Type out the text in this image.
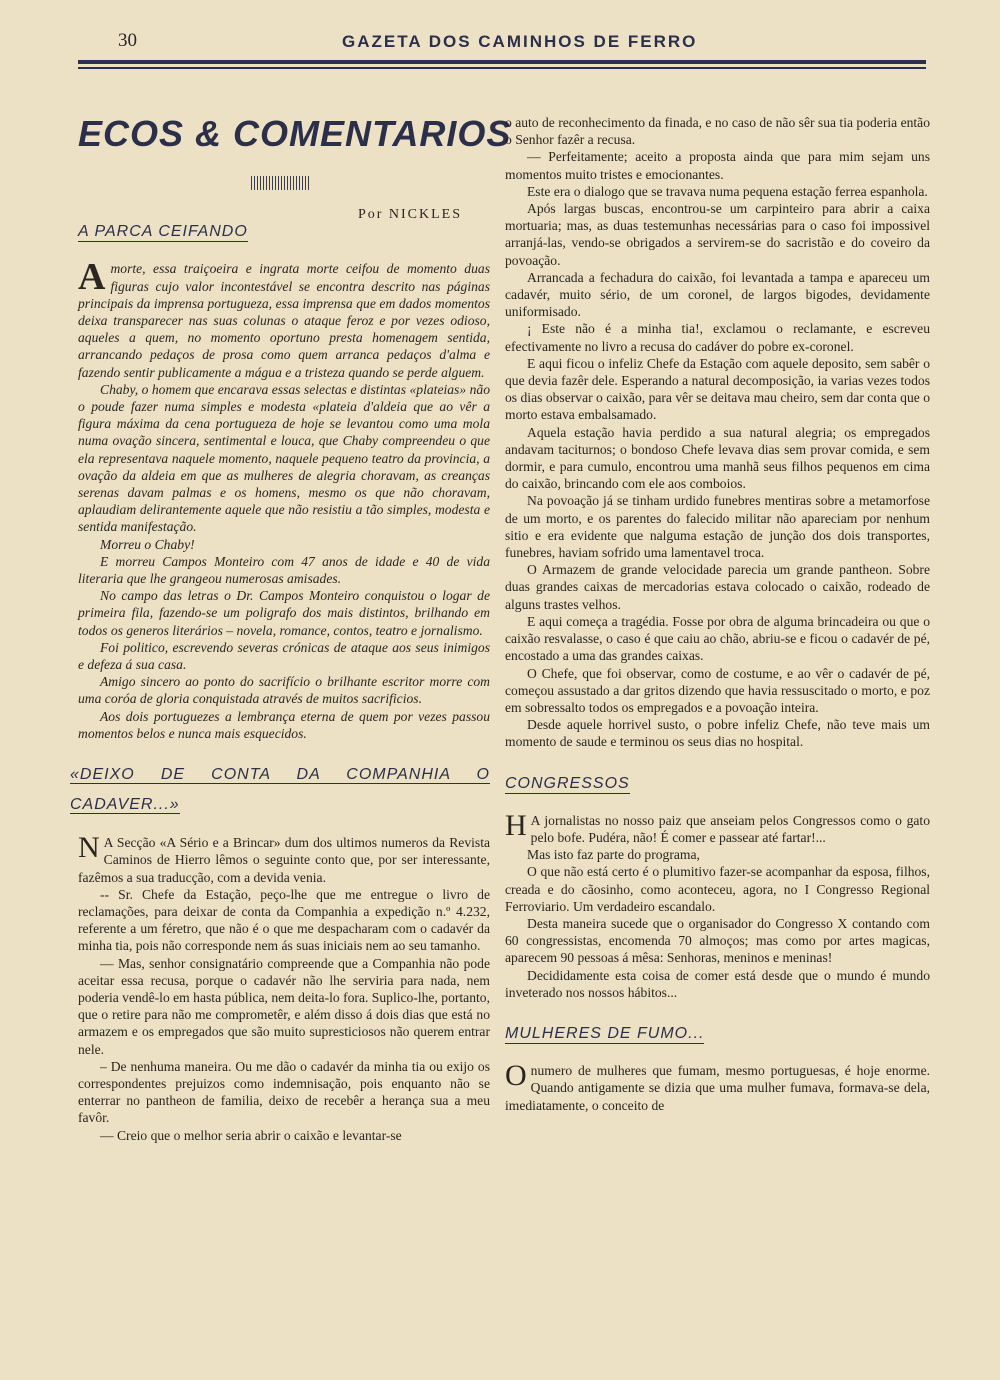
30	GAZETA DOS CAMINHOS DE FERRO
ECOS & COMENTARIOS
Por NICKLES
A PARCA CEIFANDO

Amorte, essa traiçoeira e ingrata morte ceifou de momento duas figuras cujo valor incontestável se encontra descrito nas páginas principais da imprensa portugueza, essa imprensa que em dados momentos deixa transparecer nas suas colunas o ataque feroz e por vezes odioso, aqueles a quem, no momento oportuno presta homenagem sentida, arrancando pedaços de prosa como quem arranca pedaços d'alma e fazendo sentir publicamente a mágua e a tristeza quando se perde alguem.

Chaby, o homem que encarava essas selectas e distintas «plateias» não o poude fazer numa simples e modesta «plateia d'aldeia que ao vêr a figura máxima da cena portugueza de hoje se levantou como uma mola numa ovação sincera, sentimental e louca, que Chaby compreendeu o que ela representava naquele momento, naquele pequeno teatro da provincia, a ovação da aldeia em que as mulheres de alegria choravam, as creanças serenas davam palmas e os homens, mesmo os que não choravam, aplaudiam delirantemente aquele que não resistiu a tão simples, modesta e sentida manifestação.

Morreu o Chaby!

E morreu Campos Monteiro com 47 anos de idade e 40 de vida literaria que lhe grangeou numerosas amisades.

No campo das letras o Dr. Campos Monteiro conquistou o logar de primeira fila, fazendo-se um poligrafo dos mais distintos, brilhando em todos os generos literários – novela, romance, contos, teatro e jornalismo.

Foi politico, escrevendo severas crónicas de ataque aos seus inimigos e defeza á sua casa.

Amigo sincero ao ponto do sacrifício o brilhante escritor morre com uma coróa de gloria conquistada através de muitos sacrificios.

Aos dois portuguezes a lembrança eterna de quem por vezes passou momentos belos e nunca mais esquecidos.

«DEIXO DE CONTA DA COMPANHIA O CADAVER...»

N A Secção «A Sério e a Brincar» dum dos ultimos numeros da Revista Caminos de Hierro lêmos o seguinte conto que, por ser interessante, fazêmos a sua traducção, com a devida venia.

-- Sr. Chefe da Estação, peço-lhe que me entregue o livro de reclamações, para deixar de conta da Companhia a expedição n.º 4.232, referente a um féretro, que não é o que me despacharam com o cadavér da minha tia, pois não corresponde nem ás suas iniciais nem ao seu tamanho.

— Mas, senhor consignatário compreende que a Companhia não pode aceitar essa recusa, porque o cadavér não lhe serviria para nada, nem poderia vendê-lo em hasta pública, nem deita-lo fora. Suplico-lhe, portanto, que o retire para não me comprometêr, e além disso á dois dias que está no armazem e os empregados que são muito supresticiosos não querem entrar nele.

– De nenhuma maneira. Ou me dão o cadavér da minha tia ou exijo os correspondentes prejuizos como indemnisação, pois enquanto não se enterrar no pantheon de familia, deixo de recebêr a herança sua a meu favôr.

— Creio que o melhor seria abrir o caixão e levantar-se

o auto de reconhecimento da finada, e no caso de não sêr sua tia poderia então o Senhor fazêr a recusa.

— Perfeitamente; aceito a proposta ainda que para mim sejam uns momentos muito tristes e emocionantes.

Este era o dialogo que se travava numa pequena estação ferrea espanhola.

Após largas buscas, encontrou-se um carpinteiro para abrir a caixa mortuaria; mas, as duas testemunhas necessárias para o caso foi impossivel arranjá-las, vendo-se obrigados a servirem-se do sacristão e do coveiro da povoação.

Arrancada a fechadura do caixão, foi levantada a tampa e apareceu um cadavér, muito sério, de um coronel, de largos bigodes, devidamente uniformisado.

¡ Este não é a minha tia!, exclamou o reclamante, e escreveu efectivamente no livro a recusa do cadáver do pobre ex-coronel.

E aqui ficou o infeliz Chefe da Estação com aquele deposito, sem sabêr o que devia fazêr dele. Esperando a natural decomposição, ia varias vezes todos os dias observar o caixão, para vêr se deitava mau cheiro, sem dar conta que o morto estava embalsamado.

Aquela estação havia perdido a sua natural alegria; os empregados andavam taciturnos; o bondoso Chefe levava dias sem provar comida, e sem dormir, e para cumulo, encontrou uma manhã seus filhos pequenos em cima do caixão, brincando com ele aos comboios.

Na povoação já se tinham urdido funebres mentiras sobre a metamorfose de um morto, e os parentes do falecido militar não apareciam por nenhum sitio e era evidente que nalguma estação de junção dos dois transportes, funebres, haviam sofrido uma lamentavel troca.

O Armazem de grande velocidade parecia um grande pantheon. Sobre duas grandes caixas de mercadorias estava colocado o caixão, rodeado de alguns trastes velhos.

E aqui começa a tragédia. Fosse por obra de alguma brincadeira ou que o caixão resvalasse, o caso é que caiu ao chão, abriu-se e ficou o cadavér de pé, encostado a uma das grandes caixas.

O Chefe, que foi observar, como de costume, e ao vêr o cadavér de pé, começou assustado a dar gritos dizendo que havia ressuscitado o morto, e poz em sobressalto todos os empregados e a povoação inteira.

Desde aquele horrivel susto, o pobre infeliz Chefe, não teve mais um momento de saude e terminou os seus dias no hospital.

CONGRESSOS

H A jornalistas no nosso paiz que anseiam pelos Congressos como o gato pelo bofe. Pudéra, não! É comer e passear até fartar!...

Mas isto faz parte do programa,

O que não está certo é o plumitivo fazer-se acompanhar da esposa, filhos, creada e do cãosinho, como aconteceu, agora, no I Congresso Regional Ferroviario. Um verdadeiro escandalo.

Desta maneira sucede que o organisador do Congresso X contando com 60 congressistas, encomenda 70 almoços; mas como por artes magicas, aparecem 90 pessoas á mêsa: Senhoras, meninos e meninas!

Decididamente esta coisa de comer está desde que o mundo é mundo inveterado nos nossos hábitos...

MULHERES DE FUMO...

Onumero de mulheres que fumam, mesmo portuguesas, é hoje enorme. Quando antigamente se dizia que uma mulher fumava, formava-se dela, imediatamente, o conceito de
